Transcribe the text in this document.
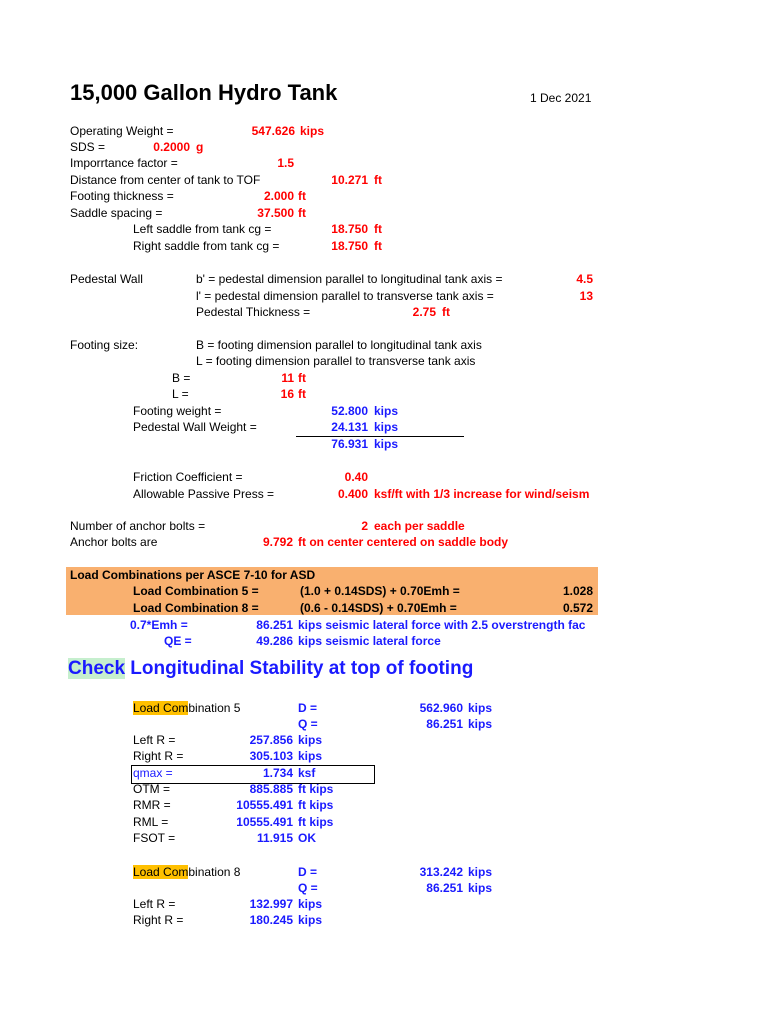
15,000 Gallon Hydro Tank	1 Dec 2021
Operating Weight =	547.626 kips
SDS =	0.2000 g
Imporrtance factor =	1.5
Distance from center of tank to TOF	10.271 ft
Footing thickness =	2.000 ft
Saddle spacing =	37.500 ft
Left saddle from tank cg =	18.750 ft
Right saddle from tank cg =	18.750 ft
Pedestal Wall	b' = pedestal dimension parallel to longitudinal tank axis =	4.5
l' = pedestal dimension parallel to transverse tank axis =	13
Pedestal Thickness =	2.75 ft
Footing size:	B = footing dimension parallel to longitudinal tank axis
L = footing dimension parallel to transverse tank axis
B =	11 ft
L =	16 ft
Footing weight =	52.800 kips
Pedestal Wall Weight =	24.131 kips
76.931 kips
Friction Coefficient =	0.40
Allowable Passive Press =	0.400 ksf/ft with 1/3 increase for wind/seism
Number of anchor bolts =	2 each per saddle
Anchor bolts are	9.792 ft on center centered on saddle body
Load Combinations per ASCE 7-10 for ASD
Load Combination 5 =	(1.0 + 0.14SDS) + 0.70Emh =	1.028
Load Combination 8 =	(0.6 - 0.14SDS) + 0.70Emh =	0.572
0.7*Emh =	86.251 kips seismic lateral force with 2.5 overstrength fac
QE =	49.286 kips seismic lateral force
Check Longitudinal Stability at top of footing
Load Combination 5	D =	562.960 kips
Q =	86.251 kips
Left R =	257.856 kips
Right R =	305.103 kips
qmax =	1.734 ksf
OTM =	885.885 ft kips
RMR =	10555.491 ft kips
RML =	10555.491 ft kips
FSOT =	11.915 OK
Load Combination 8	D =	313.242 kips
Q =	86.251 kips
Left R =	132.997 kips
Right R =	180.245 kips
